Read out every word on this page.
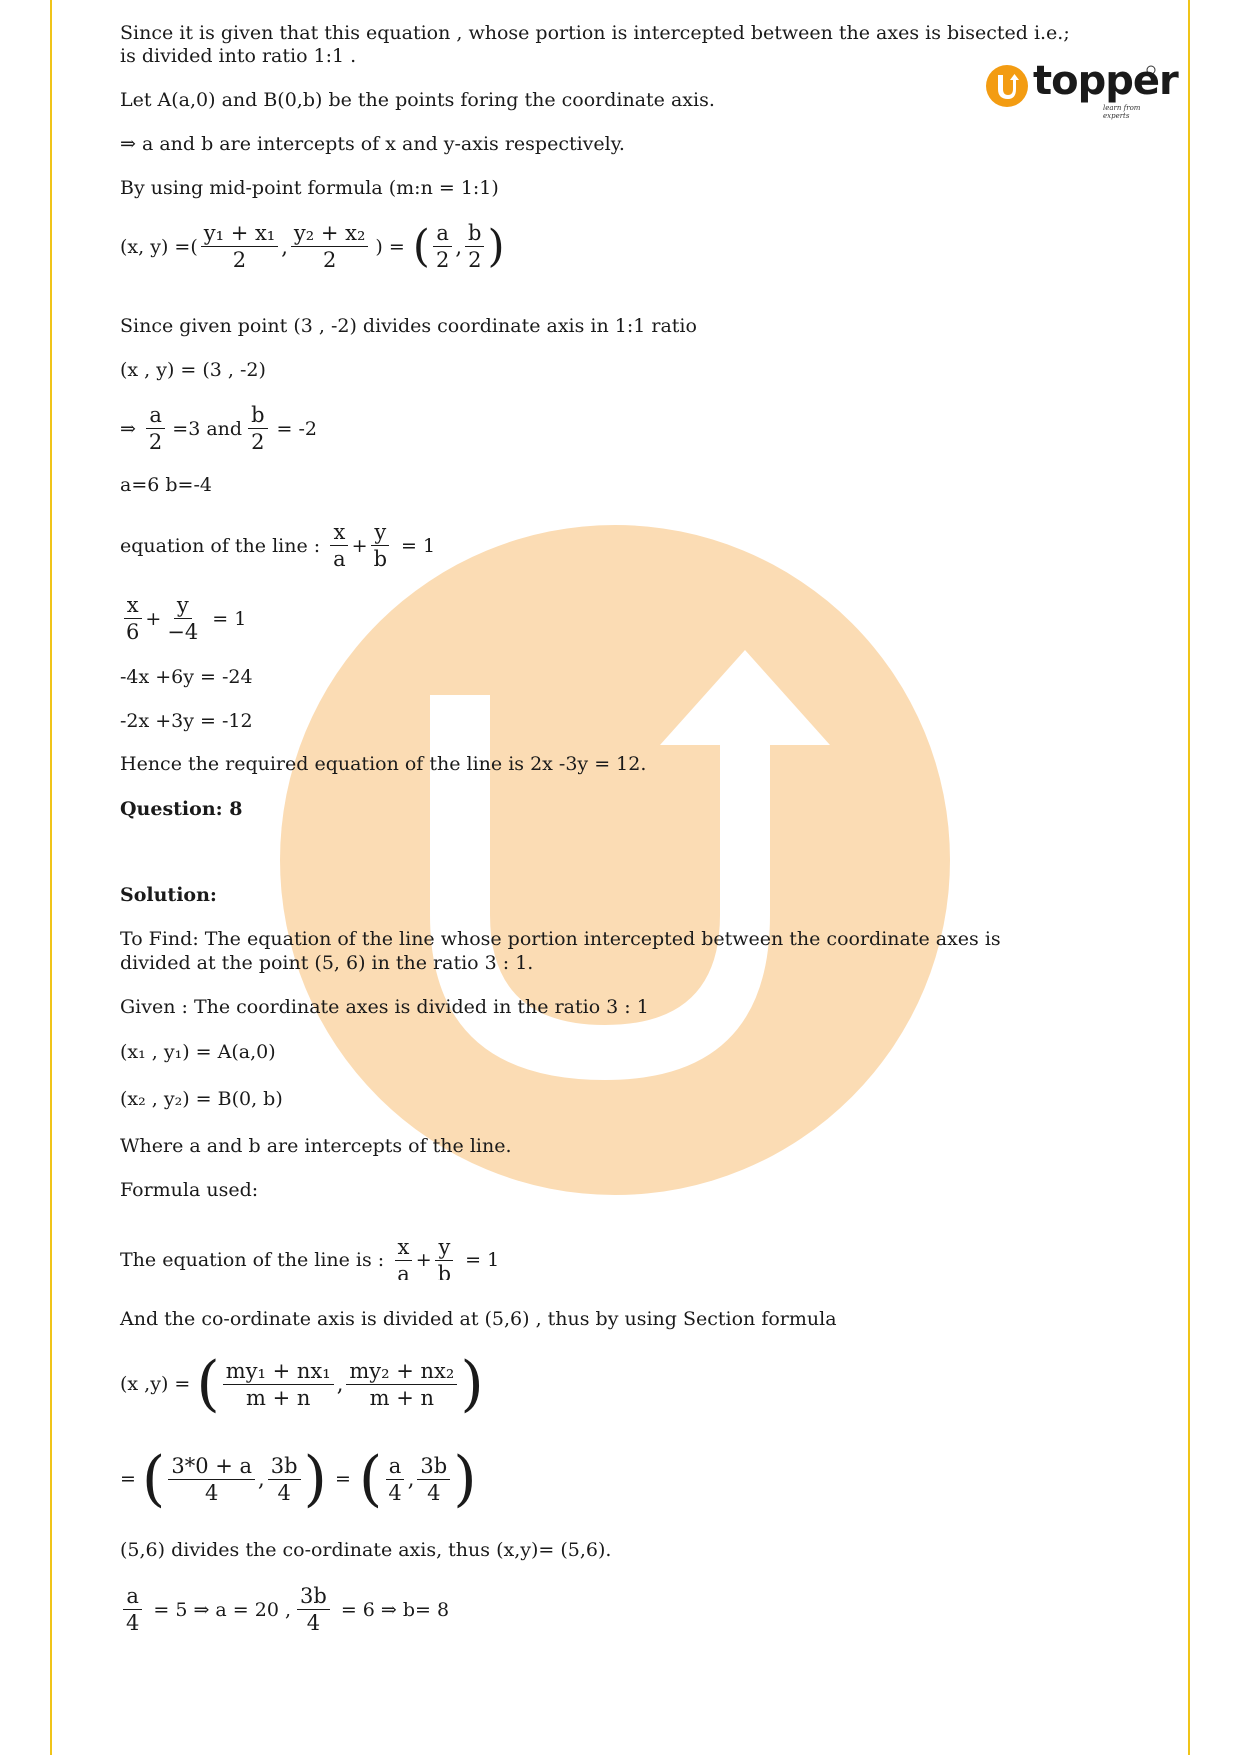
topper
learn from experts
Since it is given that this equation , whose portion is intercepted between the axes is bisected i.e.;
is divided into ratio 1:1 .
Let A(a,0) and B(0,b) be the points foring the coordinate axis.
⇒ a and b are intercepts of x and y-axis respectively.
By using mid-point formula (m:n = 1:1)
(x, y) =( $\frac{\text{y₁ + x₁}}{2}$ , $\frac{\text{y₂ + x₂}}{2}$ ) = ( $\frac{a}{2}$ , $\frac{b}{2}$ )
Since given point (3 , -2) divides coordinate axis in 1:1 ratio
(x , y) = (3 , -2)
⇒ $\frac{a}{2} =3$ and $\frac{b}{2} = -2$
a=6 b=-4
equation of the line : $\frac{x}{a} + \frac{y}{b} = 1$
$\frac{x}{6} + \frac{y}{-4} = 1$
-4x +6y = -24
-2x +3y = -12
Hence the required equation of the line is 2x -3y = 12.
Question: 8
Solution:
To Find: The equation of the line whose portion intercepted between the coordinate axes is
divided at the point (5, 6) in the ratio 3 : 1.
Given : The coordinate axes is divided in the ratio 3 : 1
(x₁ , y₁) = A(a,0)
(x₂ , y₂) = B(0, b)
Where a and b are intercepts of the line.
Formula used:
The equation of the line is : $\frac{x}{a} + \frac{y}{b} = 1$
And the co-ordinate axis is divided at (5,6) , thus by using Section formula
(x ,y) = ( $\frac{\text{my₁ + nx₁}}{m + n}$ , $\frac{\text{my₂ + nx₂}}{m + n}$ )
= ( $\frac{3*0 + a}{4}$ , $\frac{3b}{4}$ ) = ( $\frac{a}{4}$ , $\frac{3b}{4}$ )
(5,6) divides the co-ordinate axis, thus (x,y)= (5,6).
$\frac{a}{4} = 5$ ⇒ a = 20 , $\frac{3b}{4} = 6$ ⇒ b= 8
